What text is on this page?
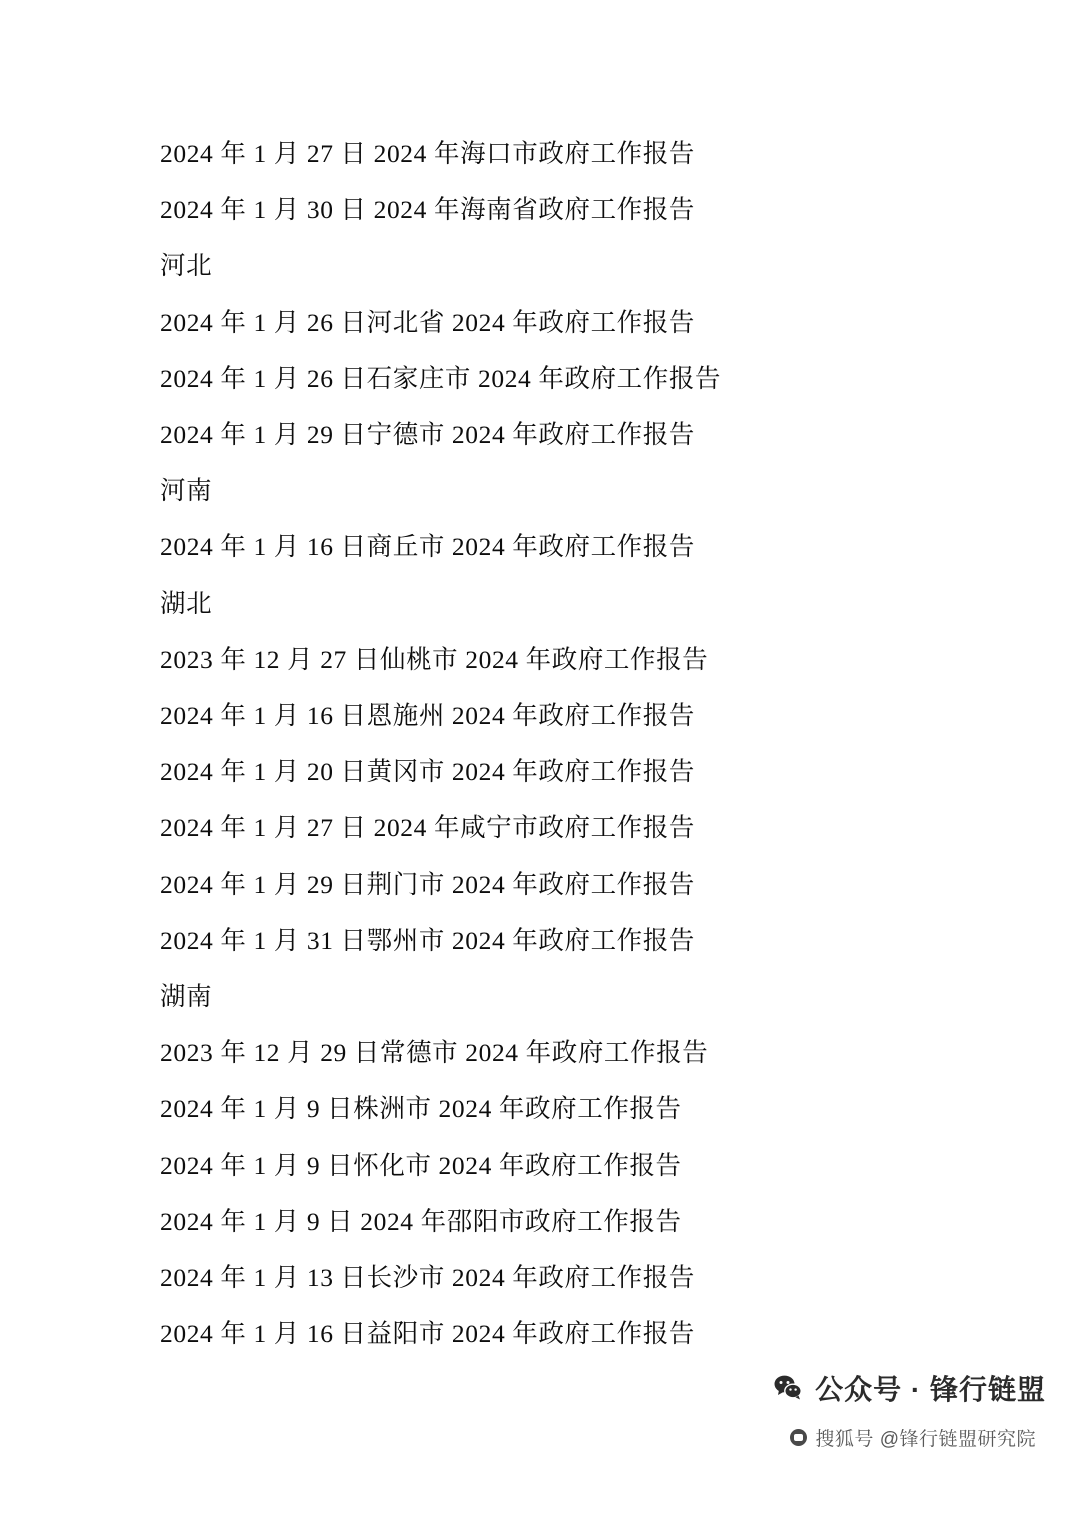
2024 年 1 月 27 日 2024 年海口市政府工作报告
2024 年 1 月 30 日 2024 年海南省政府工作报告
河北
2024 年 1 月 26 日河北省 2024 年政府工作报告
2024 年 1 月 26 日石家庄市 2024 年政府工作报告
2024 年 1 月 29 日宁德市 2024 年政府工作报告
河南
2024 年 1 月 16 日商丘市 2024 年政府工作报告
湖北
2023 年 12 月 27 日仙桃市 2024 年政府工作报告
2024 年 1 月 16 日恩施州 2024 年政府工作报告
2024 年 1 月 20 日黄冈市 2024 年政府工作报告
2024 年 1 月 27 日 2024 年咸宁市政府工作报告
2024 年 1 月 29 日荆门市 2024 年政府工作报告
2024 年 1 月 31 日鄂州市 2024 年政府工作报告
湖南
2023 年 12 月 29 日常德市 2024 年政府工作报告
2024 年 1 月 9 日株洲市 2024 年政府工作报告
2024 年 1 月 9 日怀化市 2024 年政府工作报告
2024 年 1 月 9 日 2024 年邵阳市政府工作报告
2024 年 1 月 13 日长沙市 2024 年政府工作报告
2024 年 1 月 16 日益阳市 2024 年政府工作报告
公众号 · 锋行链盟
搜狐号 @锋行链盟研究院
